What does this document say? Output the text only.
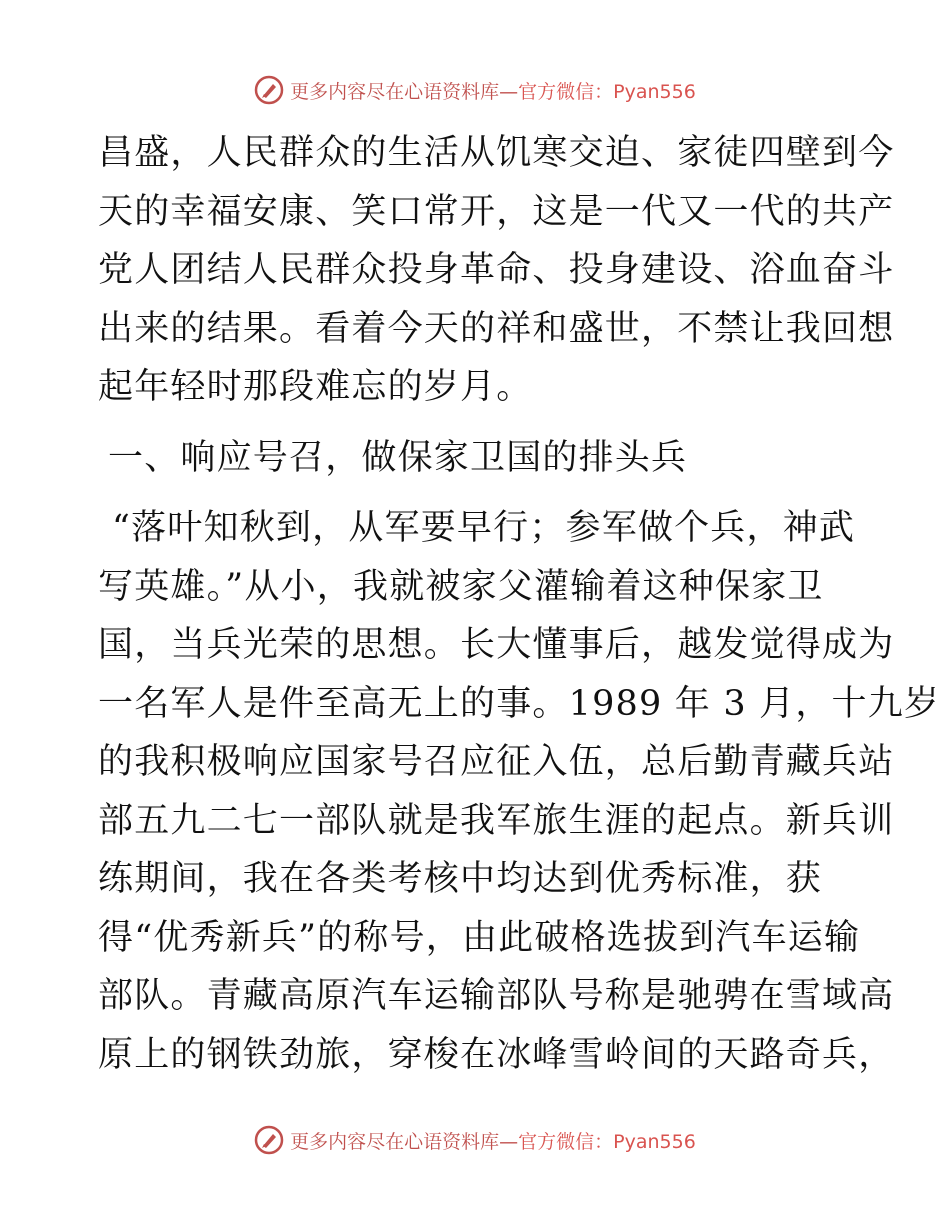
更多内容尽在心语资料库—官方微信：Pyan556
昌盛，人民群众的生活从饥寒交迫、家徒四壁到今
天的幸福安康、笑口常开，这是一代又一代的共产
党人团结人民群众投身革命、投身建设、浴血奋斗
出来的结果。看着今天的祥和盛世，不禁让我回想
起年轻时那段难忘的岁月。
一、响应号召，做保家卫国的排头兵
“落叶知秋到，从军要早行；参军做个兵，神武
写英雄。”从小，我就被家父灌输着这种保家卫
国，当兵光荣的思想。长大懂事后，越发觉得成为
一名军人是件至高无上的事。1989 年 3 月，十九岁
的我积极响应国家号召应征入伍，总后勤青藏兵站
部五九二七一部队就是我军旅生涯的起点。新兵训
练期间，我在各类考核中均达到优秀标准，获
得“优秀新兵”的称号，由此破格选拔到汽车运输
部队。青藏高原汽车运输部队号称是驰骋在雪域高
原上的钢铁劲旅，穿梭在冰峰雪岭间的天路奇兵，
更多内容尽在心语资料库—官方微信：Pyan556
